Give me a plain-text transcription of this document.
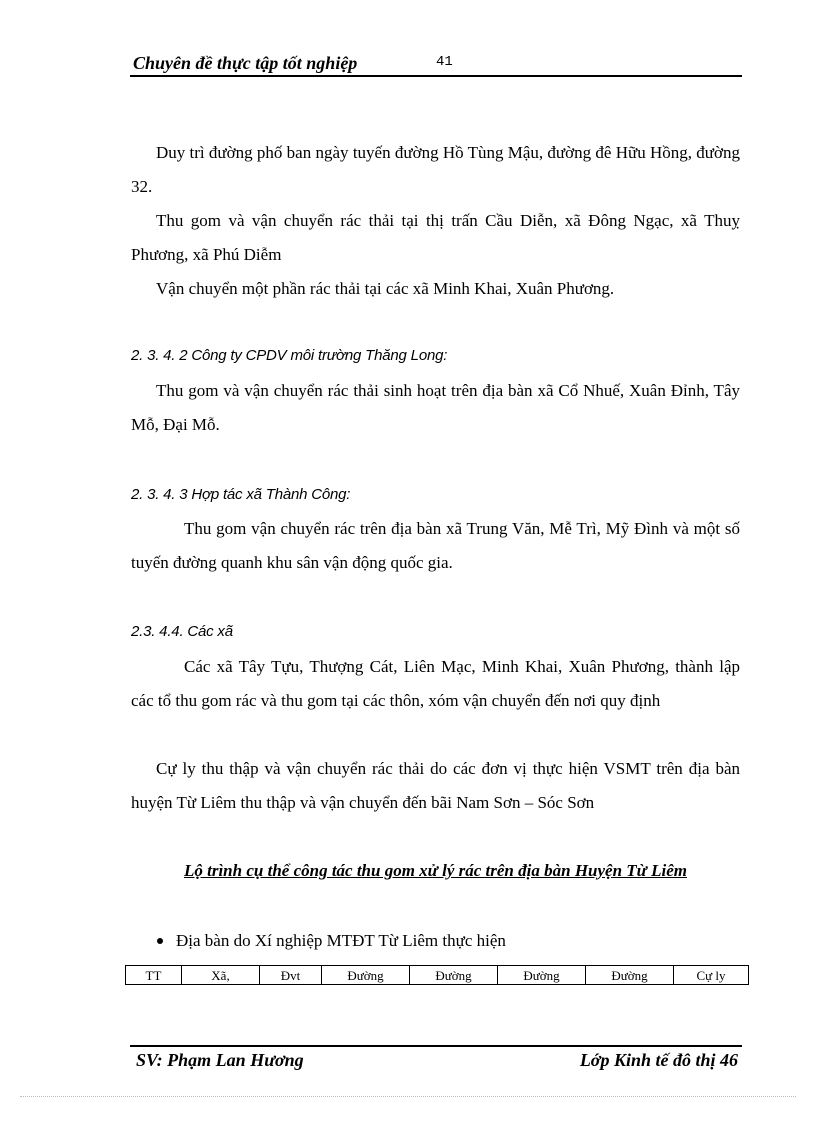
Chuyên đề thực tập tốt nghiệp	41

Duy trì đường phố ban ngày tuyến đường Hồ Tùng Mậu, đường đê Hữu Hồng, đường 32.

Thu gom và vận chuyển rác thải tại thị trấn Cầu Diễn, xã Đông Ngạc, xã Thuỵ Phương, xã Phú Diễm

Vận chuyển một phần rác thải tại các xã Minh Khai, Xuân Phương.

2. 3. 4. 2 Công ty CPDV môi trường Thăng Long:

Thu gom và vận chuyển rác thải sinh hoạt trên địa bàn xã Cổ Nhuế, Xuân Đỉnh, Tây Mỗ, Đại Mỗ.

2. 3. 4. 3 Hợp tác xã Thành Công:

Thu gom vận chuyển rác trên địa bàn xã Trung Văn, Mễ Trì, Mỹ Đình và một số tuyến đường quanh khu sân vận động quốc gia.

2.3. 4.4. Các xã

Các xã Tây Tựu, Thượng Cát, Liên Mạc, Minh Khai, Xuân Phương, thành lập các tổ thu gom rác và thu gom tại các thôn, xóm vận chuyển đến nơi quy định

Cự ly thu thập và vận chuyển rác thải do các đơn vị thực hiện VSMT trên địa bàn huyện Từ Liêm thu thập và vận chuyển đến bãi Nam Sơn – Sóc Sơn

Lộ trình cụ thể công tác thu gom xử lý rác trên địa bàn Huyện Từ Liêm
Địa bàn do Xí nghiệp MTĐT Từ Liêm thực hiện
TT	Xã,	Đvt	Đường	Đường	Đường	Đường	Cự ly
SV: Phạm Lan Hương	Lớp Kinh tế đô thị 46
